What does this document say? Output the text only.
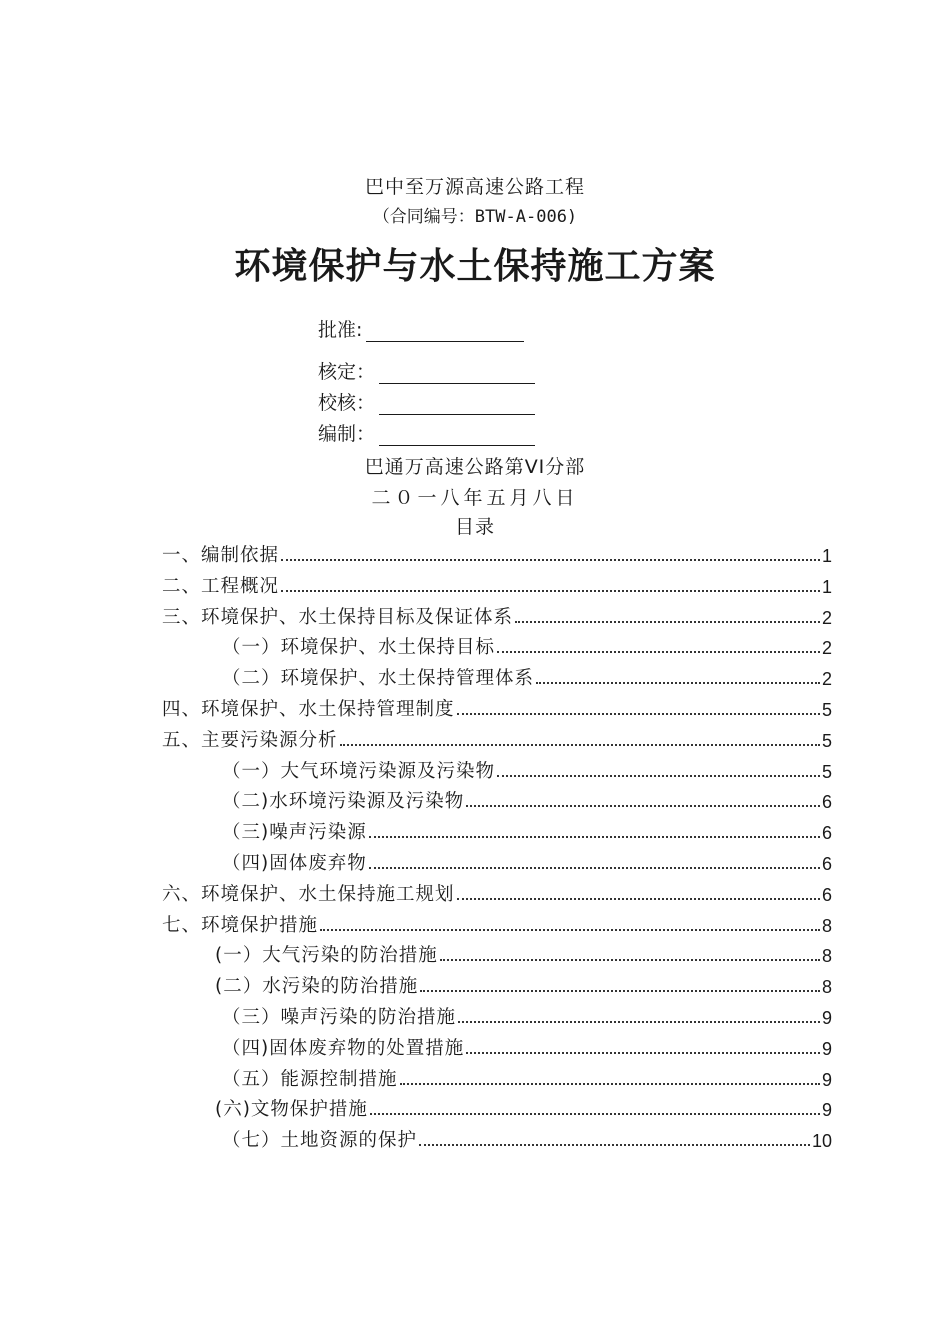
巴中至万源高速公路工程
（合同编号：BTW-A-006)
环境保护与水土保持施工方案
批准:
核定：
校核：
编制：
巴通万高速公路第VI分部
二０一八年五月八日
目录
一、编制依据	1
二、工程概况	1
三、环境保护、水土保持目标及保证体系	2
（一）环境保护、水土保持目标	2
（二）环境保护、水土保持管理体系	2
四、环境保护、水土保持管理制度	5
五、主要污染源分析	5
（一）大气环境污染源及污染物	5
（二)水环境污染源及污染物	6
（三)噪声污染源	6
（四)固体废弃物	6
六、环境保护、水土保持施工规划	6
七、环境保护措施	8
(一）大气污染的防治措施	8
(二）水污染的防治措施	8
（三）噪声污染的防治措施	9
（四)固体废弃物的处置措施	9
（五）能源控制措施	9
(六)文物保护措施	9
（七）土地资源的保护	10
